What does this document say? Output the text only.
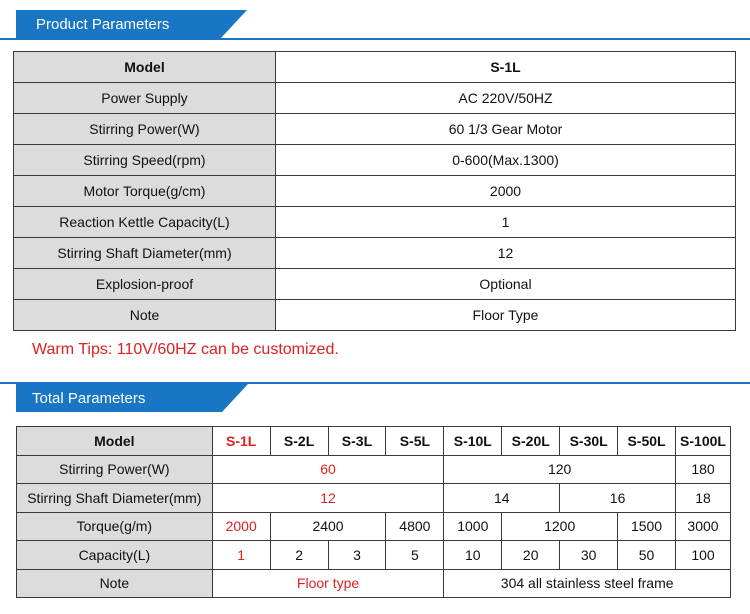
Product Parameters
Model	S-1L
Power Supply	AC 220V/50HZ
Stirring Power(W)	60 1/3 Gear Motor
Stirring Speed(rpm)	0-600(Max.1300)
Motor Torque(g/cm)	2000
Reaction Kettle Capacity(L)	1
Stirring Shaft Diameter(mm)	12
Explosion-proof	Optional
Note	Floor Type
Warm Tips: 110V/60HZ can be customized.
Total Parameters
Model	S-1L	S-2L	S-3L	S-5L	S-10L	S-20L	S-30L	S-50L	S-100L
Stirring Power(W)	60				120				180
Stirring Shaft Diameter(mm)	12				14		16		18
Torque(g/m)	2000	2400		4800	1000	1200		1500	3000
Capacity(L)	1	2	3	5	10	20	30	50	100
Note	Floor type				304 all stainless steel frame				
